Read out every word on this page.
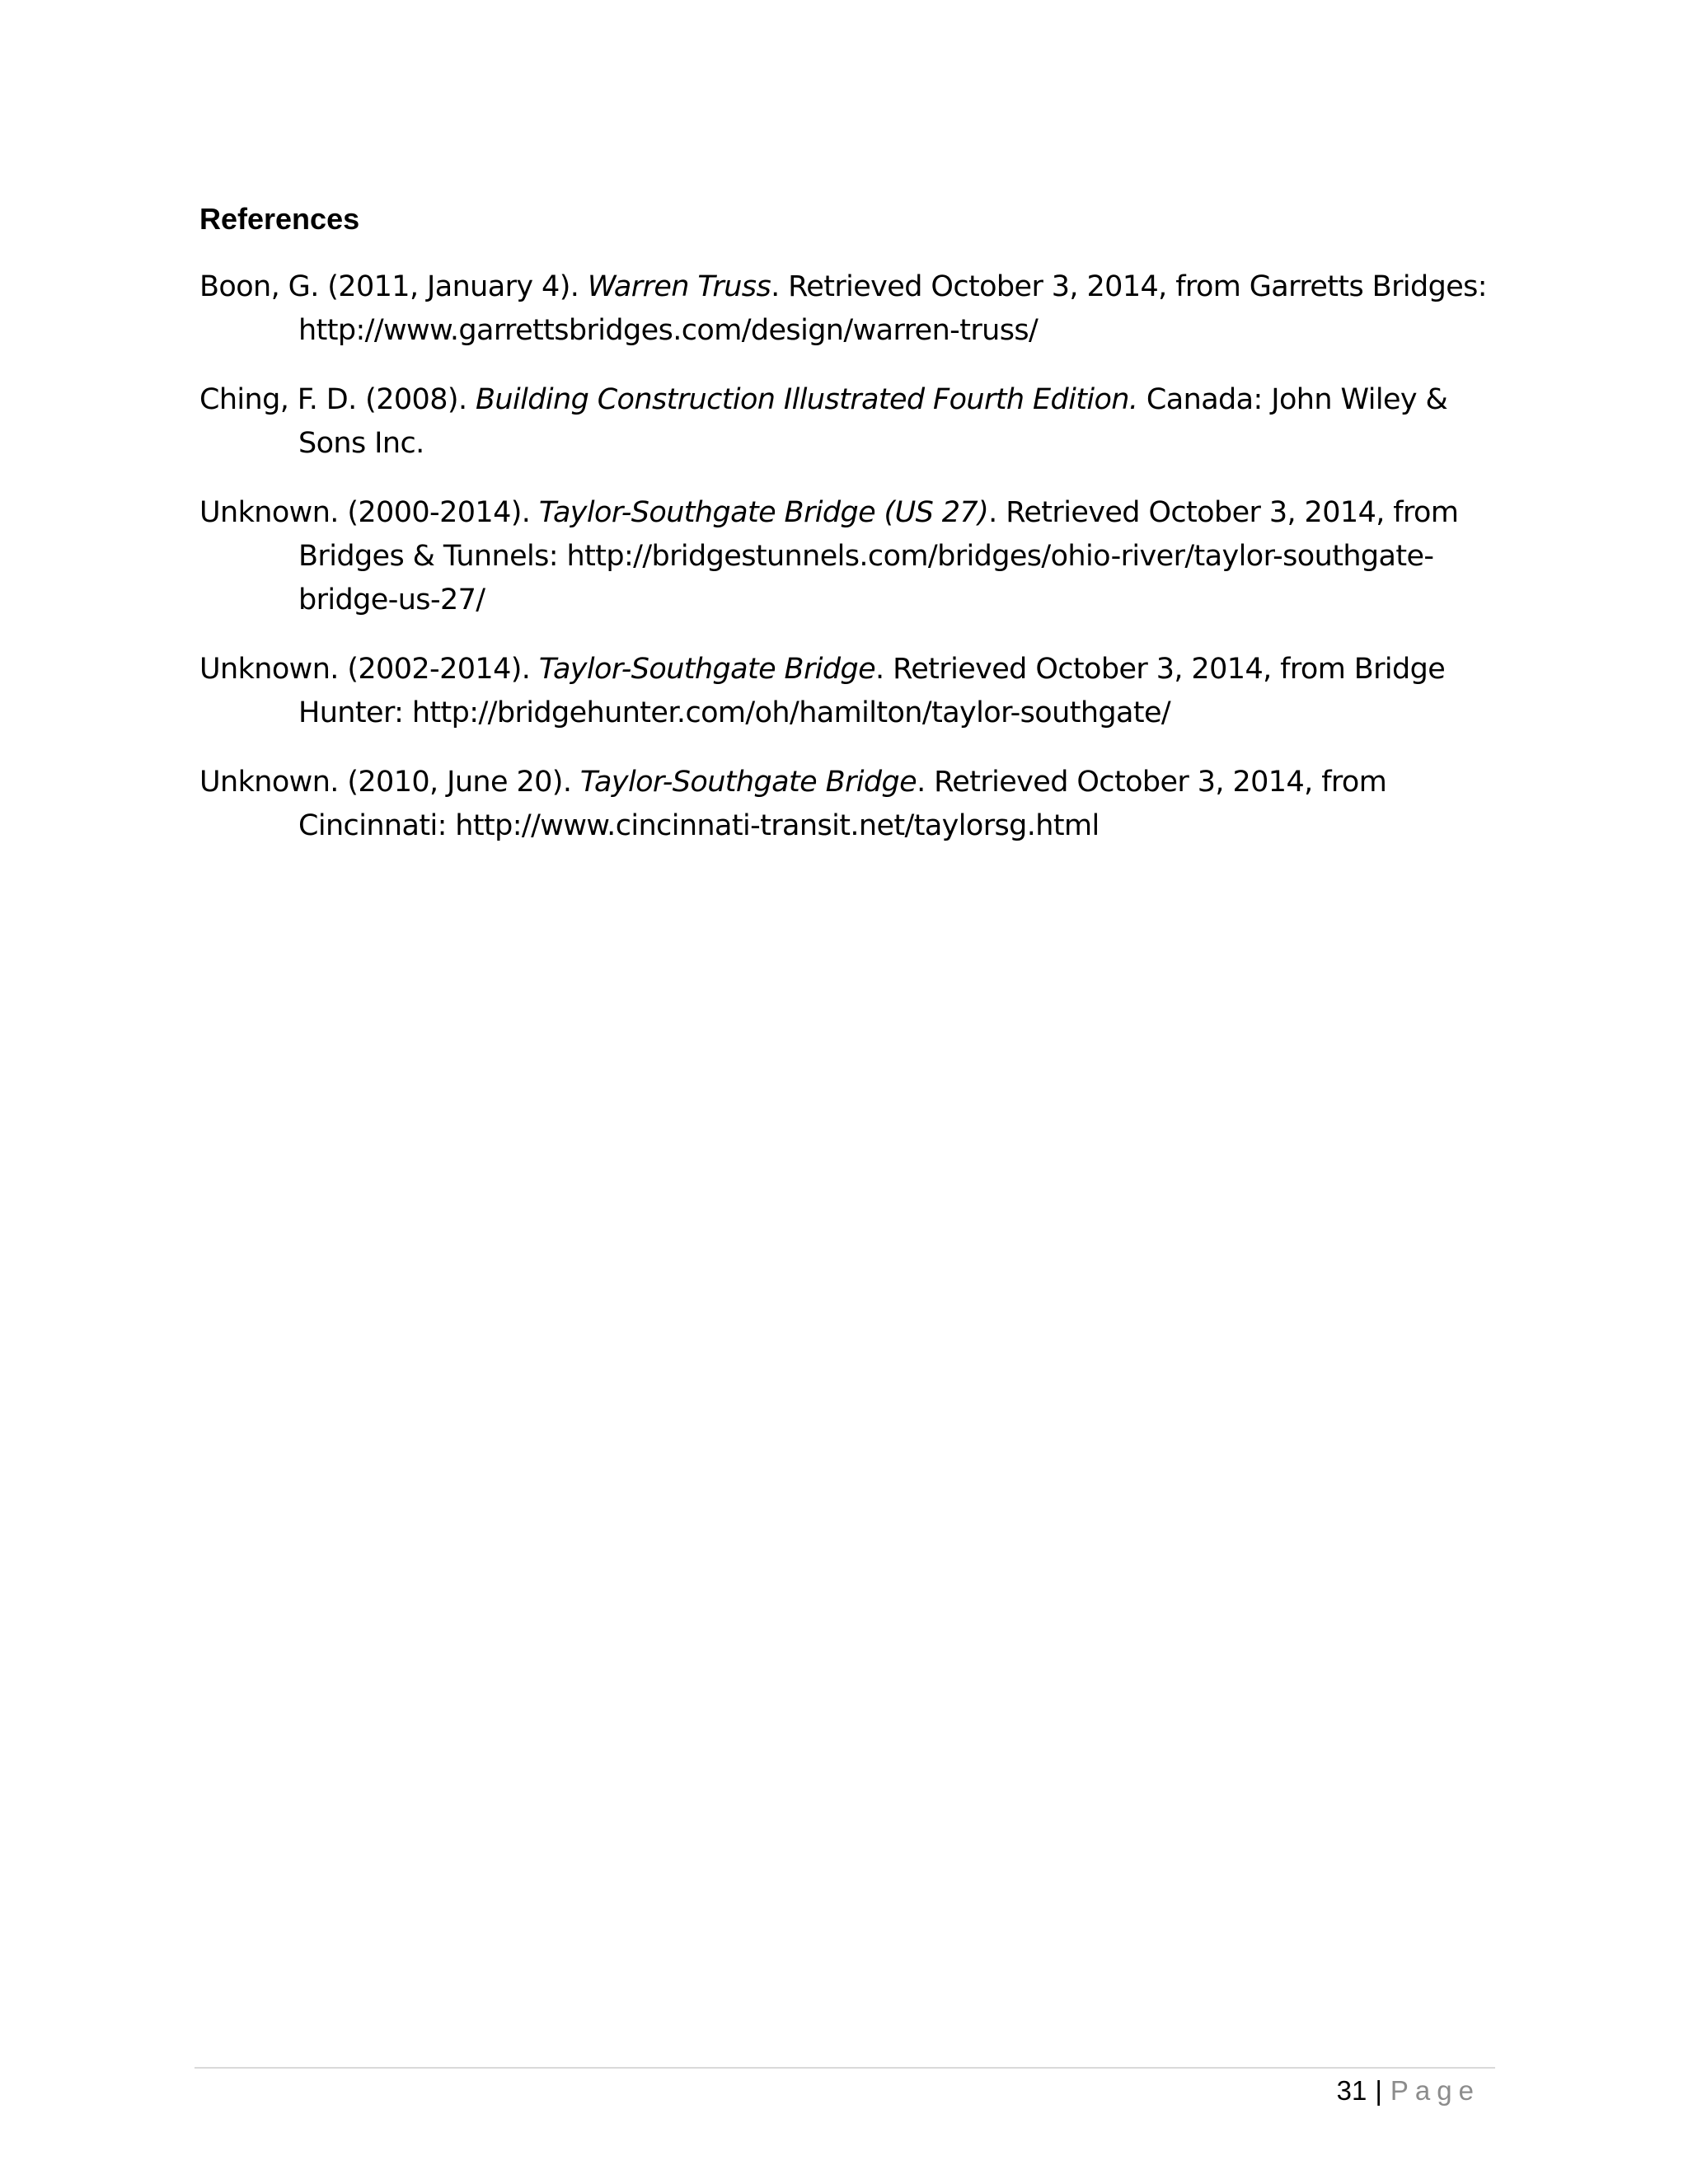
References
Boon, G. (2011, January 4). Warren Truss. Retrieved October 3, 2014, from Garretts Bridges: http://www.garrettsbridges.com/design/warren-truss/
Ching, F. D. (2008). Building Construction Illustrated Fourth Edition. Canada: John Wiley & Sons Inc.
Unknown. (2000-2014). Taylor-Southgate Bridge (US 27). Retrieved October 3, 2014, from Bridges & Tunnels: http://bridgestunnels.com/bridges/ohio-river/taylor-southgate-bridge-us-27/
Unknown. (2002-2014). Taylor-Southgate Bridge. Retrieved October 3, 2014, from Bridge Hunter: http://bridgehunter.com/oh/hamilton/taylor-southgate/
Unknown. (2010, June 20). Taylor-Southgate Bridge. Retrieved October 3, 2014, from Cincinnati: http://www.cincinnati-transit.net/taylorsg.html
31 | Page
